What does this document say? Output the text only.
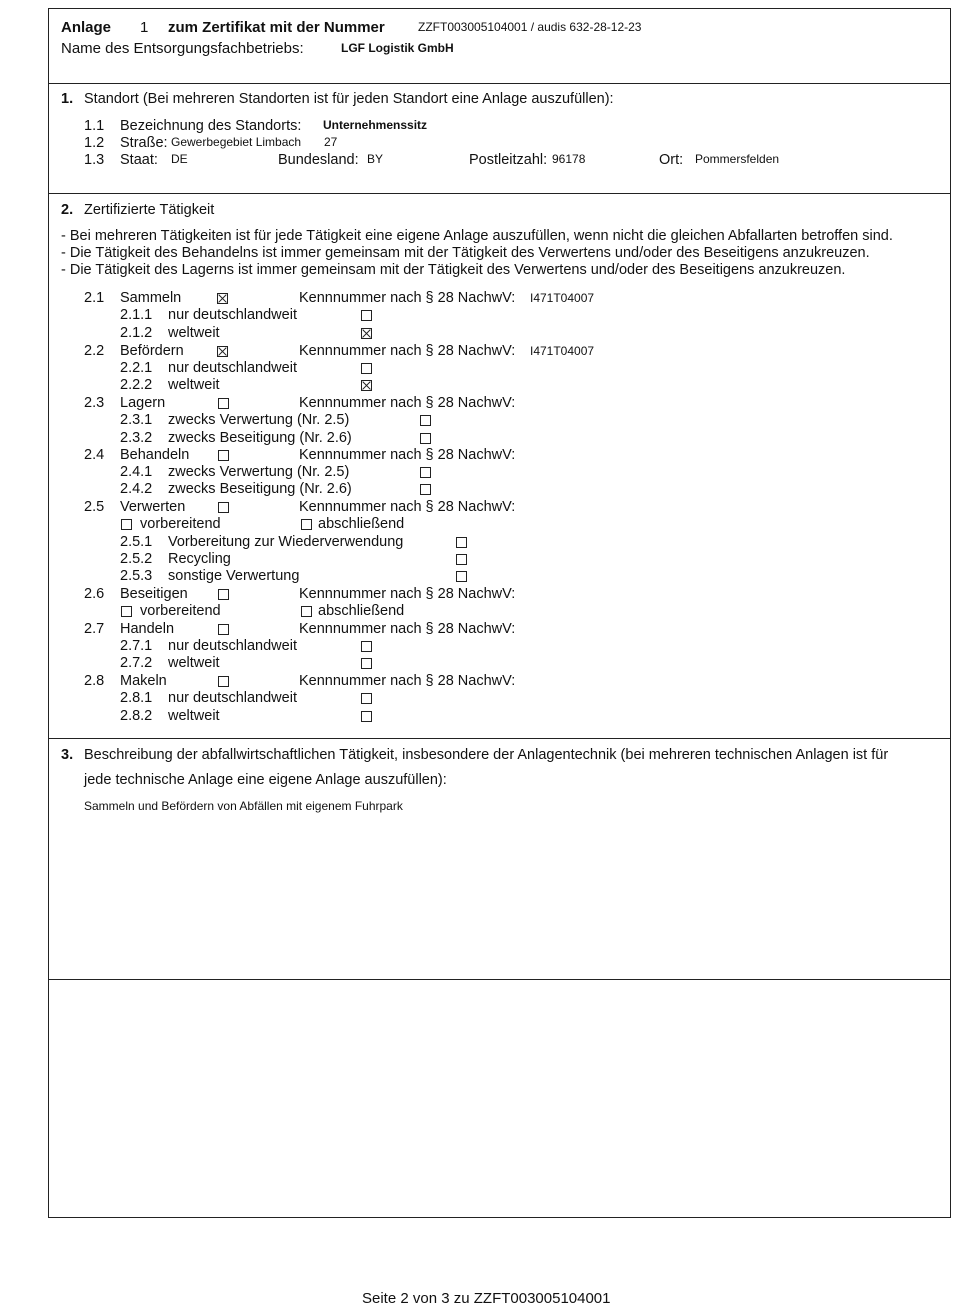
Anlage 1 zum Zertifikat mit der Nummer	ZZFT003005104001 / audis 632-28-12-23
Name des Entsorgungsfachbetriebs:	LGF Logistik GmbH
1. Standort (Bei mehreren Standorten ist für jeden Standort eine Anlage auszufüllen):
1.1 Bezeichnung des Standorts: Unternehmenssitz
1.2 Straße: Gewerbegebiet Limbach 27
1.3 Staat: DE	Bundesland: BY	Postleitzahl: 96178	Ort: Pommersfelden
2. Zertifizierte Tätigkeit
- Bei mehreren Tätigkeiten ist für jede Tätigkeit eine eigene Anlage auszufüllen, wenn nicht die gleichen Abfallarten betroffen sind.
- Die Tätigkeit des Behandelns ist immer gemeinsam mit der Tätigkeit des Verwertens und/oder des Beseitigens anzukreuzen.
- Die Tätigkeit des Lagerns ist immer gemeinsam mit der Tätigkeit des Verwertens und/oder des Beseitigens anzukreuzen.
2.1 Sammeln	Kennnummer nach § 28 NachwV: I471T04007
2.1.1 nur deutschlandweit
2.1.2 weltweit
2.2 Befördern	Kennnummer nach § 28 NachwV: I471T04007
2.2.1 nur deutschlandweit
2.2.2 weltweit
2.3 Lagern	Kennnummer nach § 28 NachwV:
2.3.1 zwecks Verwertung (Nr. 2.5)
2.3.2 zwecks Beseitigung (Nr. 2.6)
2.4 Behandeln	Kennnummer nach § 28 NachwV:
2.4.1 zwecks Verwertung (Nr. 2.5)
2.4.2 zwecks Beseitigung (Nr. 2.6)
2.5 Verwerten	Kennnummer nach § 28 NachwV:
vorbereitend	abschließend
2.5.1 Vorbereitung zur Wiederverwendung
2.5.2 Recycling
2.5.3 sonstige Verwertung
2.6 Beseitigen	Kennnummer nach § 28 NachwV:
vorbereitend	abschließend
2.7 Handeln	Kennnummer nach § 28 NachwV:
2.7.1 nur deutschlandweit
2.7.2 weltweit
2.8 Makeln	Kennnummer nach § 28 NachwV:
2.8.1 nur deutschlandweit
2.8.2 weltweit
3. Beschreibung der abfallwirtschaftlichen Tätigkeit, insbesondere der Anlagentechnik (bei mehreren technischen Anlagen ist für
jede technische Anlage eine eigene Anlage auszufüllen):
Sammeln und Befördern von Abfällen mit eigenem Fuhrpark
Seite 2 von 3 zu ZZFT003005104001
